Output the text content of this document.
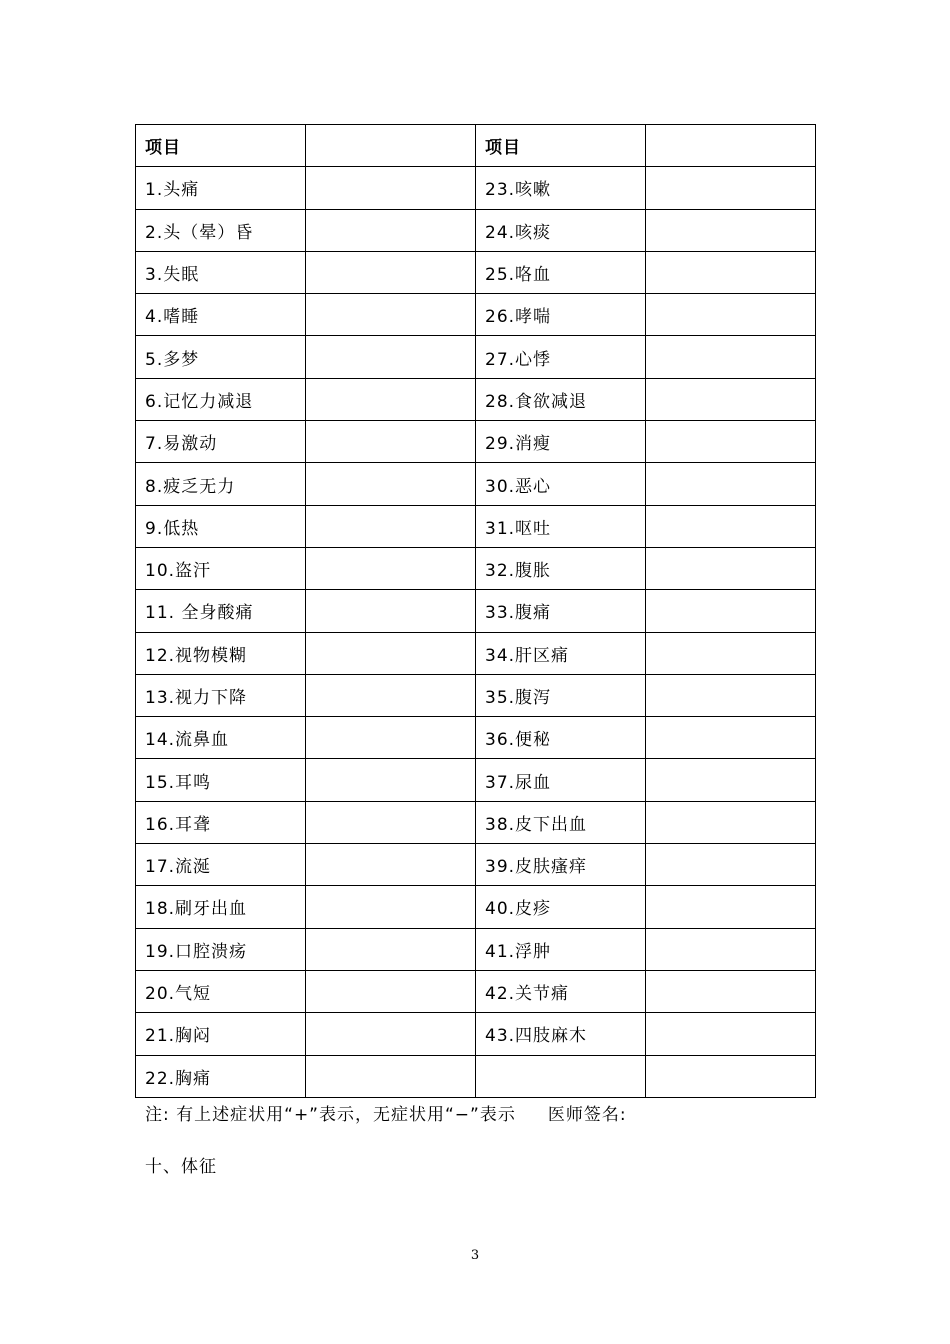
项目		项目	
1.头痛		23.咳嗽	
2.头（晕）昏		24.咳痰	
3.失眠		25.咯血	
4.嗜睡		26.哮喘	
5.多梦		27.心悸	
6.记忆力减退		28.食欲减退	
7.易激动		29.消瘦	
8.疲乏无力		30.恶心	
9.低热		31.呕吐	
10.盗汗		32.腹胀	
11. 全身酸痛		33.腹痛	
12.视物模糊		34.肝区痛	
13.视力下降		35.腹泻	
14.流鼻血		36.便秘	
15.耳鸣		37.尿血	
16.耳聋		38.皮下出血	
17.流涎		39.皮肤瘙痒	
18.刷牙出血		40.皮疹	
19.口腔溃疡		41.浮肿	
20.气短		42.关节痛	
21.胸闷		43.四肢麻木	
22.胸痛			
注: 有上述症状用“+”表示，无症状用“−”表示     医师签名:
十、体征
3
